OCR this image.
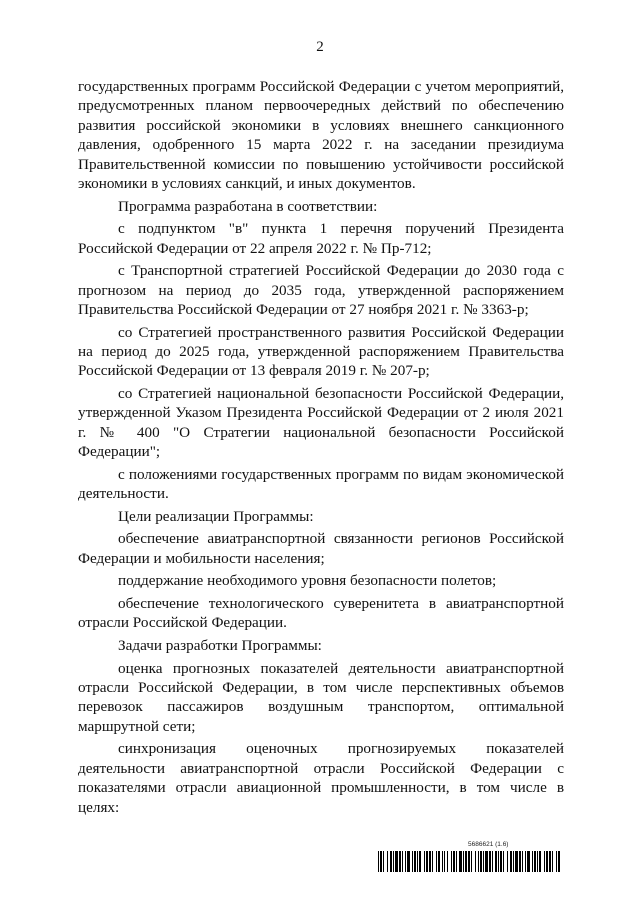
2

государственных программ Российской Федерации с учетом мероприятий, предусмотренных планом первоочередных действий по обеспечению развития российской экономики в условиях внешнего санкционного давления, одобренного 15 марта 2022 г. на заседании президиума Правительственной комиссии по повышению устойчивости российской экономики в условиях санкций, и иных документов.

Программа разработана в соответствии:

с подпунктом "в" пункта 1 перечня поручений Президента Российской Федерации от 22 апреля 2022 г. № Пр-712;

с Транспортной стратегией Российской Федерации до 2030 года с прогнозом на период до 2035 года, утвержденной распоряжением Правительства Российской Федерации от 27 ноября 2021 г. № 3363-р;

со Стратегией пространственного развития Российской Федерации на период до 2025 года, утвержденной распоряжением Правительства Российской Федерации от 13 февраля 2019 г. № 207-р;

со Стратегией национальной безопасности Российской Федерации, утвержденной Указом Президента Российской Федерации от 2 июля 2021 г. № 400 "О Стратегии национальной безопасности Российской Федерации";

с положениями государственных программ по видам экономической деятельности.

Цели реализации Программы:

обеспечение авиатранспортной связанности регионов Российской Федерации и мобильности населения;

поддержание необходимого уровня безопасности полетов;

обеспечение технологического суверенитета в авиатранспортной отрасли Российской Федерации.

Задачи разработки Программы:

оценка прогнозных показателей деятельности авиатранспортной отрасли Российской Федерации, в том числе перспективных объемов перевозок пассажиров воздушным транспортом, оптимальной маршрутной сети;

синхронизация оценочных прогнозируемых показателей деятельности авиатранспортной отрасли Российской Федерации с показателями отрасли авиационной промышленности, в том числе в целях:

5686621 (1.6)
